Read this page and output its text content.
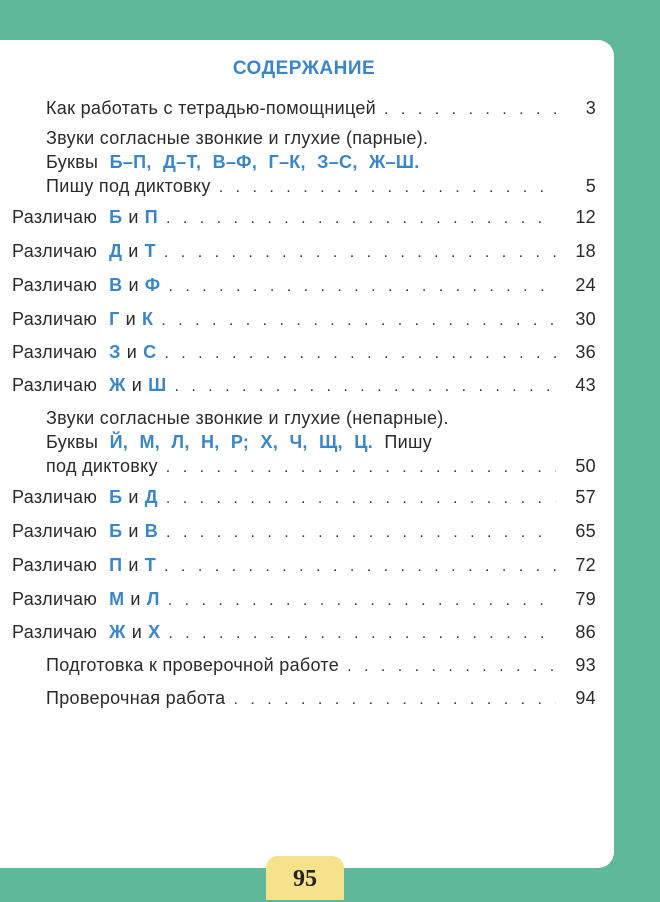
СОДЕРЖАНИЕ
Как работать с тетрадью-помощницей . . .	3
Звуки согласные звонкие и глухие (парные).
Буквы Б–П, Д–Т, В–Ф, Г–К, З–С, Ж–Ш.
Пишу под диктовку . . .	5
Различаю Б и П . . .	12
Различаю Д и Т . . .	18
Различаю В и Ф . . .	24
Различаю Г и К . . .	30
Различаю З и С . . .	36
Различаю Ж и Ш . . .	43
Звуки согласные звонкие и глухие (непарные).
Буквы Й, М, Л, Н, Р; Х, Ч, Щ, Ц. Пишу
под диктовку . . .	50
Различаю Б и Д . . .	57
Различаю Б и В . . .	65
Различаю П и Т . . .	72
Различаю М и Л . . .	79
Различаю Ж и Х . . .	86
Подготовка к проверочной работе . . .	93
Проверочная работа . . .	94
95
